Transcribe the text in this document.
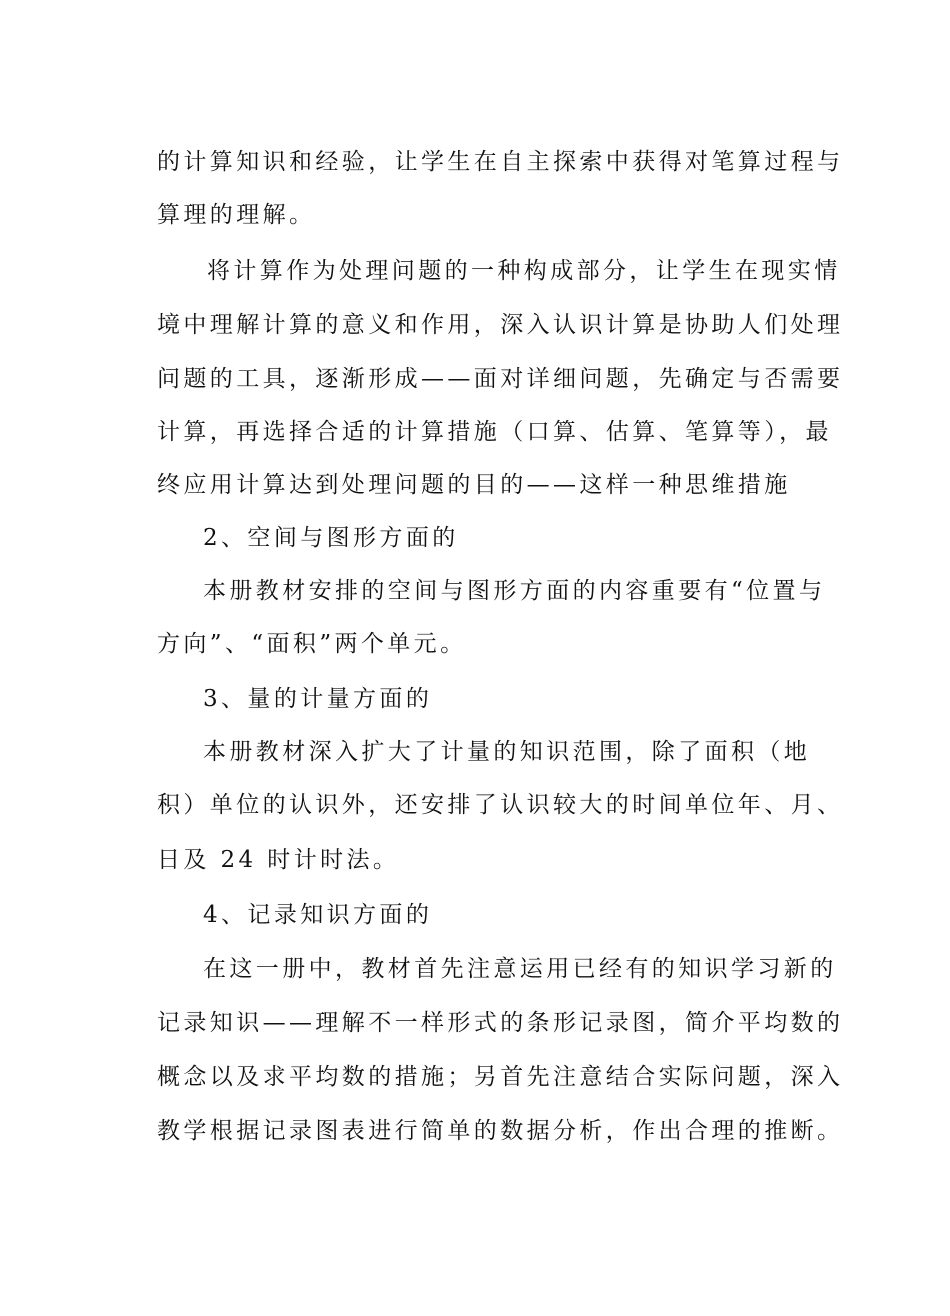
的计算知识和经验，让学生在自主探索中获得对笔算过程与
算理的理解。
将计算作为处理问题的一种构成部分，让学生在现实情
境中理解计算的意义和作用，深入认识计算是协助人们处理
问题的工具，逐渐形成——面对详细问题，先确定与否需要
计算，再选择合适的计算措施（口算、估算、笔算等），最
终应用计算达到处理问题的目的——这样一种思维措施
2、空间与图形方面的
本册教材安排的空间与图形方面的内容重要有“位置与
方向”、“面积”两个单元。
3、量的计量方面的
本册教材深入扩大了计量的知识范围，除了面积（地
积）单位的认识外，还安排了认识较大的时间单位年、月、
日及 24 时计时法。
4、记录知识方面的
在这一册中，教材首先注意运用已经有的知识学习新的
记录知识——理解不一样形式的条形记录图，简介平均数的
概念以及求平均数的措施；另首先注意结合实际问题，深入
教学根据记录图表进行简单的数据分析，作出合理的推断。
